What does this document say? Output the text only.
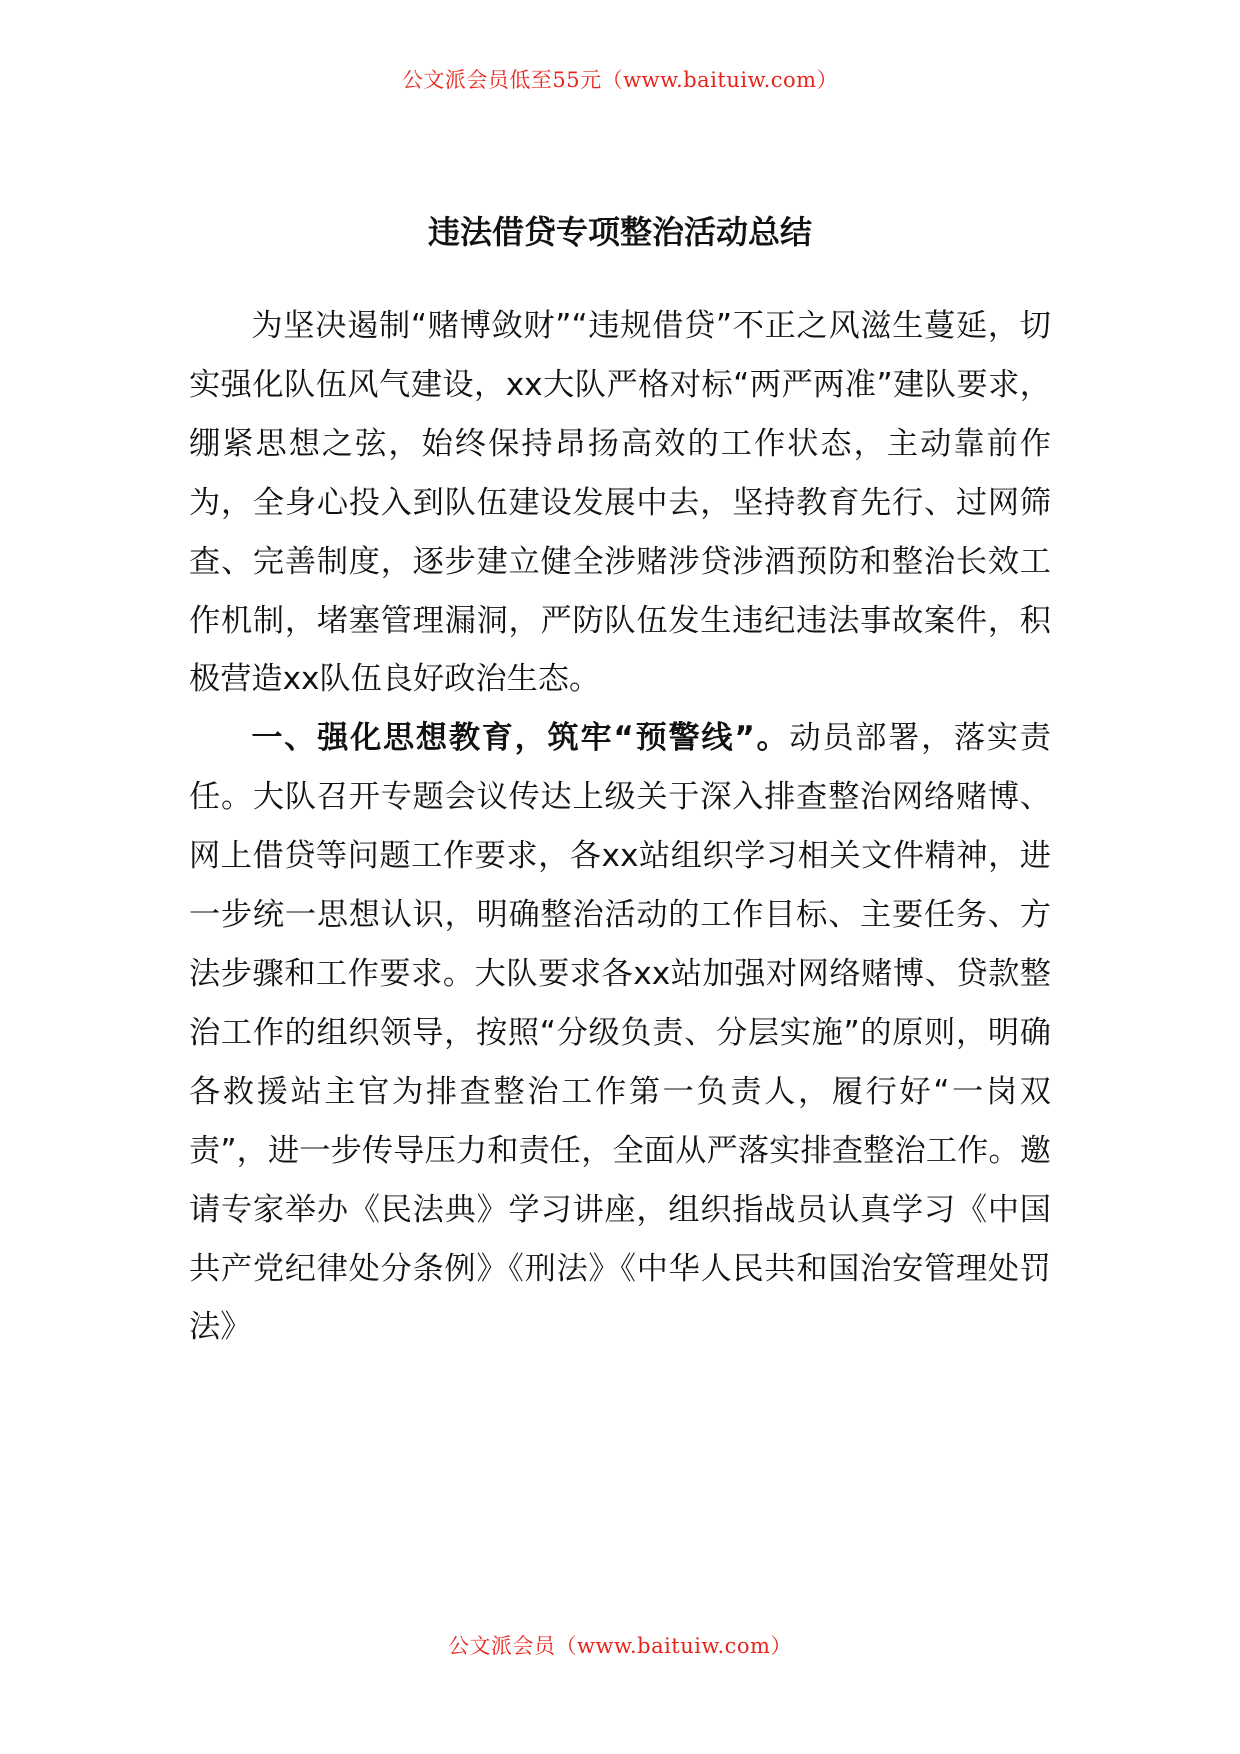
公文派会员低至55元（www.baituiw.com）
违法借贷专项整治活动总结

为坚决遏制“赌博敛财”“违规借贷”不正之风滋生蔓延，切实强化队伍风气建设，xx大队严格对标“两严两准”建队要求，绷紧思想之弦，始终保持昂扬高效的工作状态，主动靠前作为，全身心投入到队伍建设发展中去，坚持教育先行、过网筛查、完善制度，逐步建立健全涉赌涉贷涉酒预防和整治长效工作机制，堵塞管理漏洞，严防队伍发生违纪违法事故案件，积极营造xx队伍良好政治生态。

一、强化思想教育，筑牢“预警线”。动员部署，落实责任。大队召开专题会议传达上级关于深入排查整治网络赌博、网上借贷等问题工作要求，各xx站组织学习相关文件精神，进一步统一思想认识，明确整治活动的工作目标、主要任务、方法步骤和工作要求。大队要求各xx站加强对网络赌博、贷款整治工作的组织领导，按照“分级负责、分层实施”的原则，明确各救援站主官为排查整治工作第一负责人，履行好“一岗双责”，进一步传导压力和责任，全面从严落实排查整治工作。邀请专家举办《民法典》学习讲座，组织指战员认真学习《中国共产党纪律处分条例》《刑法》《中华人民共和国治安管理处罚法》

公文派会员（www.baituiw.com）
